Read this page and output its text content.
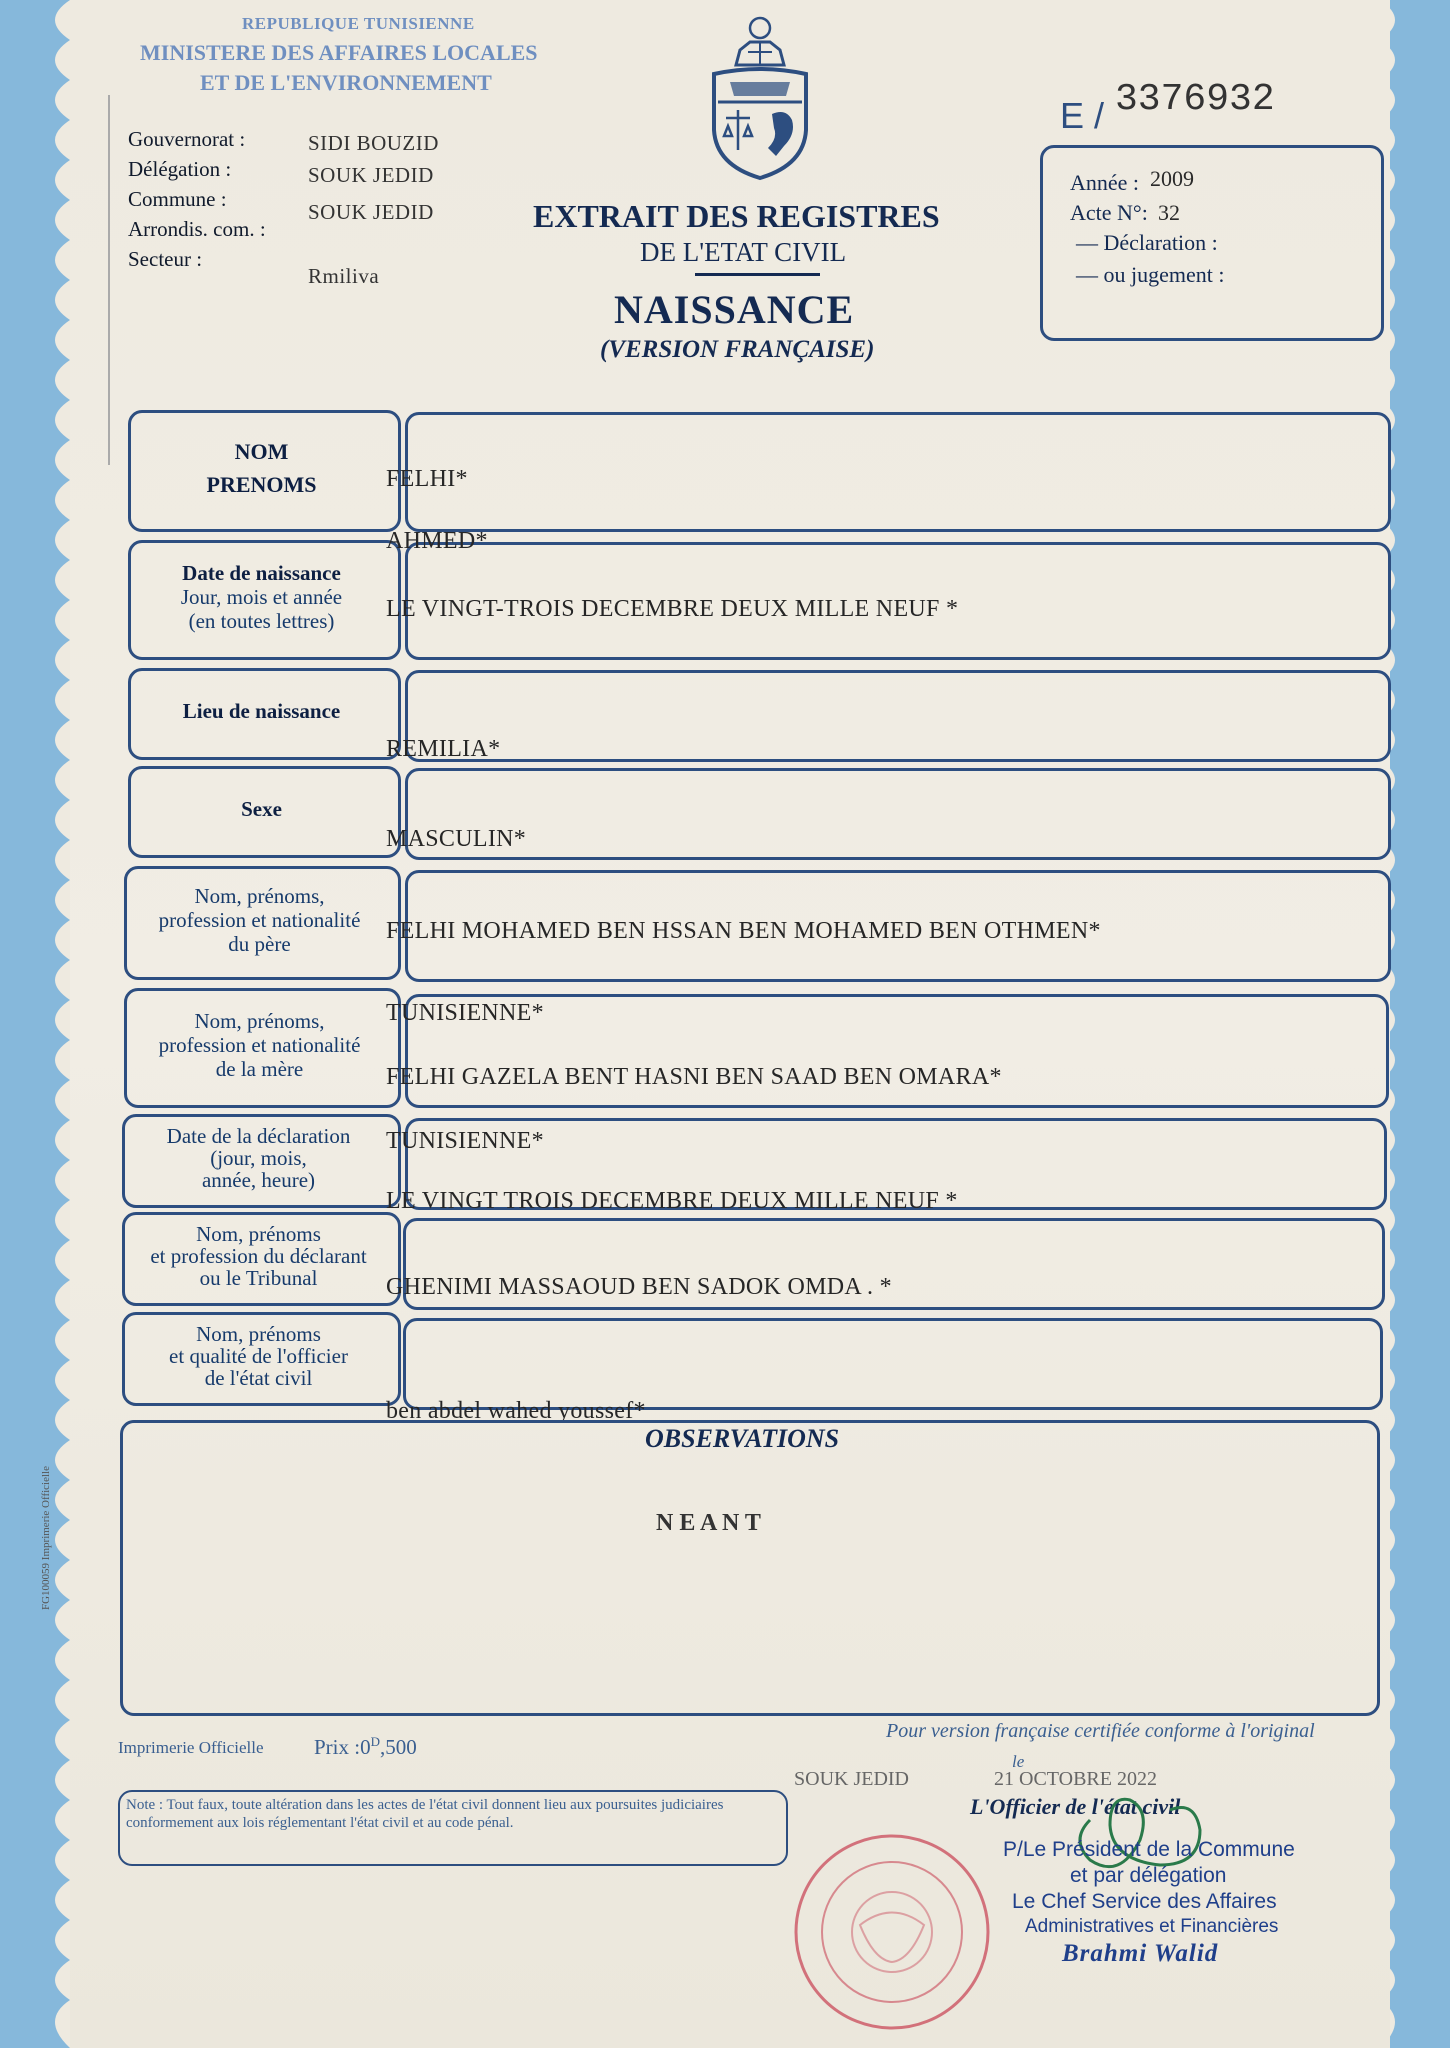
REPUBLIQUE TUNISIENNE
MINISTERE DES AFFAIRES LOCALES
ET DE L'ENVIRONNEMENT
Gouvernorat :
Délégation :
Commune :
Arrondis. com. :
Secteur :
SIDI BOUZID
SOUK JEDID
SOUK JEDID
Rmiliva
EXTRAIT DES REGISTRES
DE L'ETAT CIVIL
NAISSANCE
(VERSION FRANÇAISE)
E / 3376932
Année : 2009
Acte N°: 32
— Déclaration :
— ou jugement :
NOM
PRENOMS
Date de naissance
Jour, mois et année
(en toutes lettres)
Lieu de naissance
Sexe
Nom, prénoms,
profession et nationalité
du père
Nom, prénoms,
profession et nationalité
de la mère
Date de la déclaration
(jour, mois,
année, heure)
Nom, prénoms
et profession du déclarant
ou le Tribunal
Nom, prénoms
et qualité de l'officier
de l'état civil
FELHI*
AHMED*
LE VINGT-TROIS DECEMBRE DEUX MILLE NEUF *
REMILIA*
MASCULIN*
FELHI MOHAMED BEN HSSAN BEN MOHAMED BEN OTHMEN*
TUNISIENNE*
FELHI GAZELA BENT HASNI BEN SAAD BEN OMARA*
TUNISIENNE*
LE VINGT TROIS DECEMBRE DEUX MILLE NEUF *
GHENIMI MASSAOUD BEN SADOK OMDA . *
ben abdel wahed youssef*
OBSERVATIONS
N E A N T
FG100059 Imprimerie Officielle
Imprimerie Officielle Prix $:0^D,500$
Note : Tout faux, toute altération dans les actes de l'état civil donnent lieu aux poursuites judiciaires conformement aux lois réglementant l'état civil et au code pénal.
Pour version française certifiée conforme à l'original
SOUK JEDID
le
21 OCTOBRE 2022
L'Officier de l'état civil
P/Le Président de la Commune
et par délégation
Le Chef Service des Affaires
Administratives et Financières
Brahmi Walid
